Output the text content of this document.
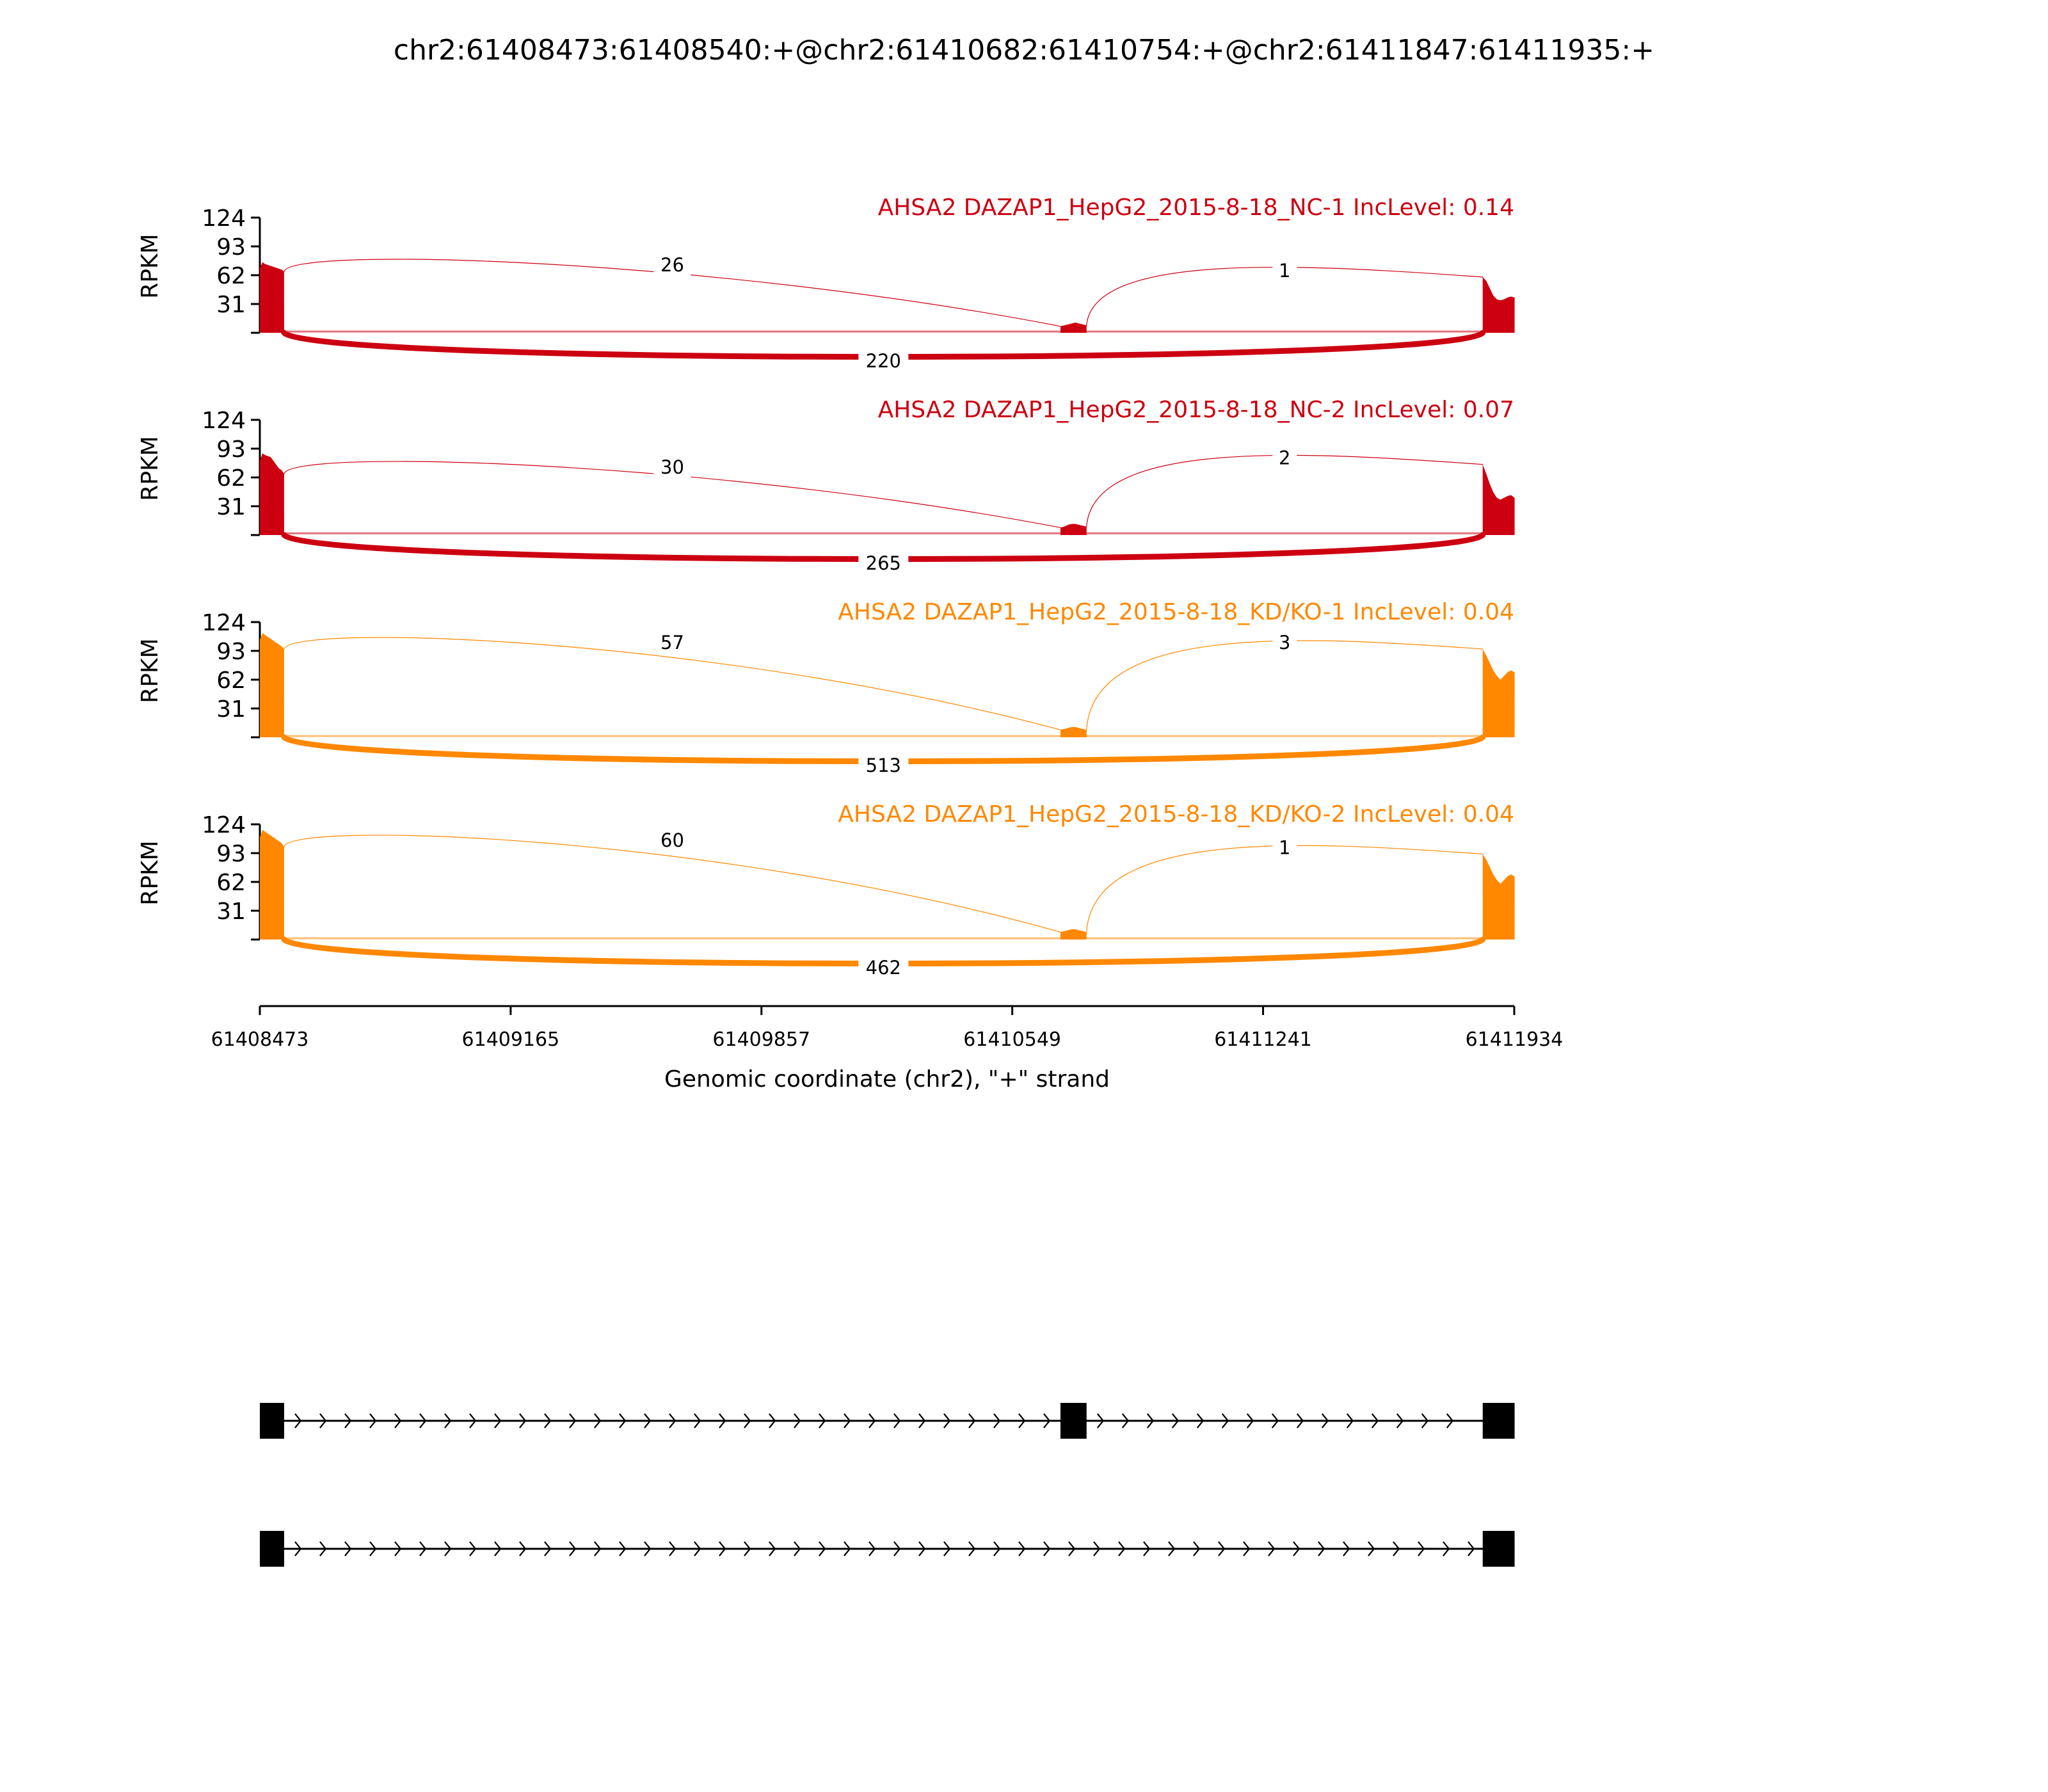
chr2:61408473:61408540:+@chr2:61410682:61410754:+@chr2:61411847:61411935:+
31
62
93
124
RPKM
AHSA2 DAZAP1_HepG2_2015-8-18_NC-1 IncLevel: 0.14
26	1
220
31
62
93
124
RPKM
AHSA2 DAZAP1_HepG2_2015-8-18_NC-2 IncLevel: 0.07
30	2
265
31
62
93
124
RPKM
AHSA2 DAZAP1_HepG2_2015-8-18_KD/KO-1 IncLevel: 0.04
57	3
513
31
62
93
124
RPKM
AHSA2 DAZAP1_HepG2_2015-8-18_KD/KO-2 IncLevel: 0.04
60	1
462
61408473	61409165	61409857	61410549	61411241	61411934
Genomic coordinate (chr2), "+" strand
